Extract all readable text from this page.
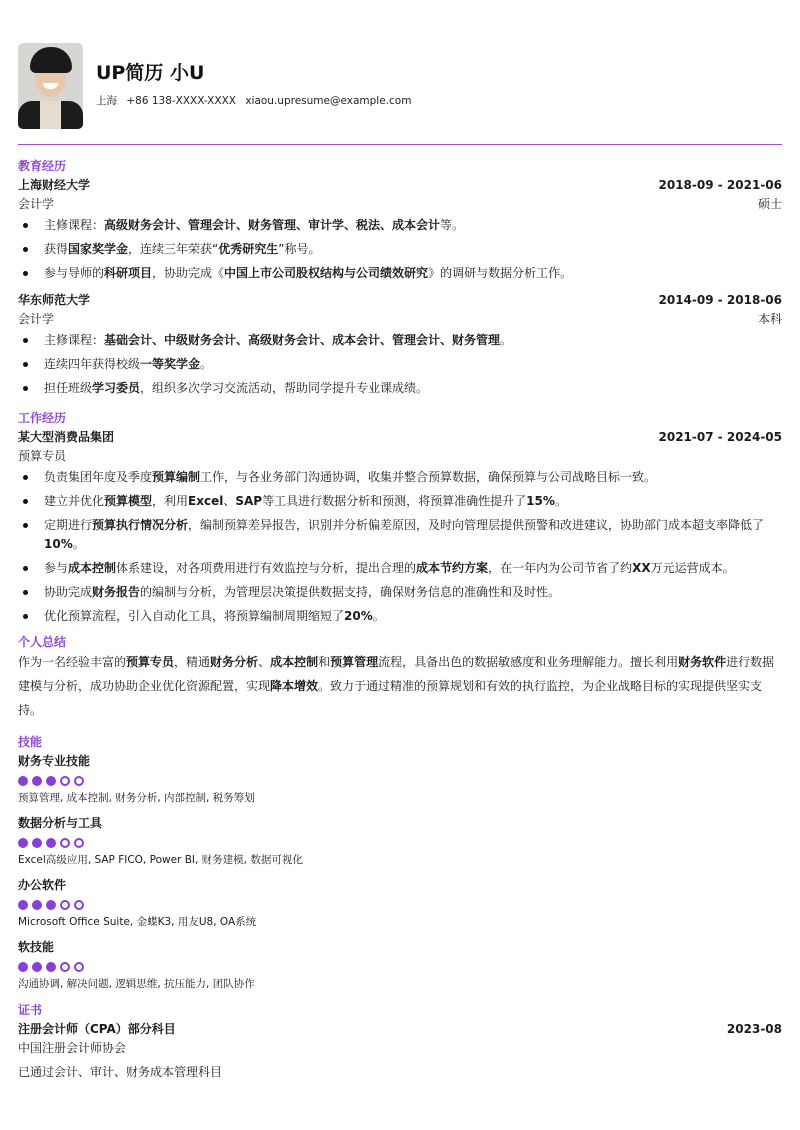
UP简历 小U
上海 +86 138-XXXX-XXXX xiaou.upresume@example.com
教育经历
上海财经大学	2018-09 - 2021-06
会计学	硕士
主修课程：高级财务会计、管理会计、财务管理、审计学、税法、成本会计等。
获得国家奖学金，连续三年荣获“优秀研究生”称号。
参与导师的科研项目，协助完成《中国上市公司股权结构与公司绩效研究》的调研与数据分析工作。
华东师范大学	2014-09 - 2018-06
会计学	本科
主修课程：基础会计、中级财务会计、高级财务会计、成本会计、管理会计、财务管理。
连续四年获得校级一等奖学金。
担任班级学习委员，组织多次学习交流活动，帮助同学提升专业课成绩。
工作经历
某大型消费品集团	2021-07 - 2024-05
预算专员
负责集团年度及季度预算编制工作，与各业务部门沟通协调，收集并整合预算数据，确保预算与公司战略目标一致。
建立并优化预算模型，利用Excel、SAP等工具进行数据分析和预测，将预算准确性提升了15%。
定期进行预算执行情况分析，编制预算差异报告，识别并分析偏差原因，及时向管理层提供预警和改进建议，协助部门成本超支率降低了10%。
参与成本控制体系建设，对各项费用进行有效监控与分析，提出合理的成本节约方案，在一年内为公司节省了约XX万元运营成本。
协助完成财务报告的编制与分析，为管理层决策提供数据支持，确保财务信息的准确性和及时性。
优化预算流程，引入自动化工具，将预算编制周期缩短了20%。
个人总结
作为一名经验丰富的预算专员，精通财务分析、成本控制和预算管理流程，具备出色的数据敏感度和业务理解能力。擅长利用财务软件进行数据建模与分析，成功协助企业优化资源配置，实现降本增效。致力于通过精准的预算规划和有效的执行监控，为企业战略目标的实现提供坚实支持。
技能
财务专业技能
预算管理, 成本控制, 财务分析, 内部控制, 税务筹划
数据分析与工具
Excel高级应用, SAP FICO, Power BI, 财务建模, 数据可视化
办公软件
Microsoft Office Suite, 金蝶K3, 用友U8, OA系统
软技能
沟通协调, 解决问题, 逻辑思维, 抗压能力, 团队协作
证书
注册会计师（CPA）部分科目	2023-08
中国注册会计师协会
已通过会计、审计、财务成本管理科目
